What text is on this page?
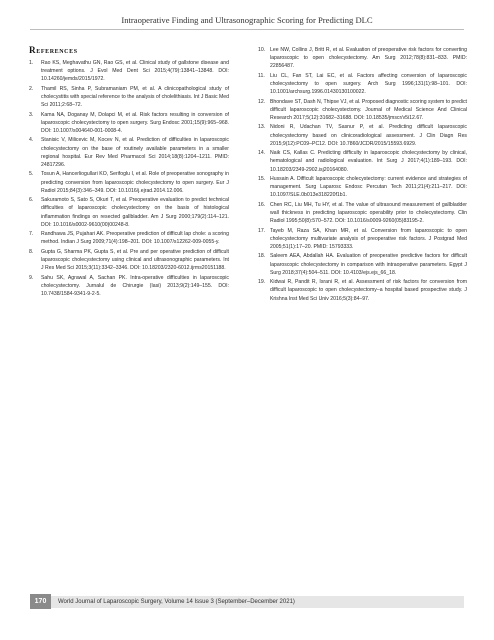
Intraoperative Finding and Ultrasonographic Scoring for Predicting DLC
References
1. Rao KS, Meghavathu GN, Rao GS, et al. Clinical study of gallstone disease and treatment options. J Evol Med Dent Sci 2015;4(79):13841–13848. DOI: 10.14260/jemds/2015/1972.
2. Thamil RS, Sinha P, Subramaniam PM, et al. A clinicopathological study of cholecystitis with special reference to the analysis of cholelithiasis. Int J Basic Med Sci 2011;2:68–72.
3. Kama NA, Doganay M, Dolapci M, et al. Risk factors resulting in conversion of laparoscopic cholecystectomy to open surgery. Surg Endosc 2001;15(9):965–968. DOI: 10.1007/s004640-001-0008-4.
4. Stanisic V, Milicevic M, Kocev N, et al. Prediction of difficulties in laparoscopic cholecystectomy on the base of routinely available parameters in a smaller regional hospital. Eur Rev Med Pharmacol Sci 2014;18(8):1204–1211. PMID: 24817296.
5. Tosun A, Hancerliogullari KO, Serifoglu I, et al. Role of preoperative sonography in predicting conversion from laparoscopic cholecystectomy to open surgery. Eur J Radiol 2015;84(3):346–349. DOI: 10.1016/j.ejrad.2014.12.006.
6. Sakuramoto S, Sato S, Okuri T, et al. Preoperative evaluation to predict technical difficulties of laparoscopic cholecystectomy on the basis of histological inflammation findings on resected gallbladder. Am J Surg 2000;179(2):114–121. DOI: 10.1016/s0002-9610(00)00248-8.
7. Randhawa JS, Pujahari AK. Preoperative prediction of difficult lap chole: a scoring method. Indian J Surg 2009;71(4):198–201. DOI: 10.1007/s12262-009-0055-y.
8. Gupta G, Sharma PK, Gupta S, et al. Pre and per operative prediction of difficult laparoscopic cholecystectomy using clinical and ultrasonographic parameters. Int J Res Med Sci 2015;3(11):3342–3346. DOI: 10.18203/2320-6012.ijrms20151188.
9. Sahu SK, Agrawal A, Sachan PK. Intra-operative difficulties in laparoscopic cholecystectomy. Jurnalul de Chirurgie (Iasi) 2013;9(2):149–155. DOI: 10.7438/1584-9341-9-2-5.
10. Lee NW, Collins J, Britt R, et al. Evaluation of preoperative risk factors for converting laparoscopic to open cholecystectomy. Am Surg 2012;78(8):831–833. PMID: 22856487.
11. Liu CL, Fan ST, Lai EC, et al. Factors affecting conversion of laparoscopic cholecystectomy to open surgery. Arch Surg 1996;131(1):98–101. DOI: 10.1001/archsurg.1996.01430130100022.
12. Bhondave ST, Dash N, Thipse VJ, et al. Proposed diagnostic scoring system to predict difficult laparoscopic cholecystectomy. Journal of Medical Science And Clinical Research 2017;5(12):31682–31688. DOI: 10.18535/jmscr/v5i12.67.
13. Nidoni R, Udachan TV, Sasnur P, et al. Predicting difficult laparoscopic cholecystectomy based on clinicoradiological assessment. J Clin Diagn Res 2015;9(12):PC09–PC12. DOI: 10.7860/JCDR/2015/15593.6929.
14. Naik CS, Kallas C. Predicting difficulty in laparoscopic cholecystectomy by clinical, hematological and radiological evaluation. Int Surg J 2017;4(1):189–193. DOI: 10.18203/2349-2902.isj20164080.
15. Hussain A. Difficult laparoscopic cholecystectomy: current evidence and strategies of management. Surg Laparosc Endosc Percutan Tech 2011;21(4):211–217. DOI: 10.1097/SLE.0b013e318220f1b1.
16. Chen RC, Liu MH, Tu HY, et al. The value of ultrasound measurement of gallbladder wall thickness in predicting laparoscopic operability prior to cholecystectomy. Clin Radiol 1995;50(8):570–572. DOI: 10.1016/s0009-9260(05)83195-2.
17. Tayeb M, Raza SA, Khan MR, et al. Conversion from laparoscopic to open cholecystectomy multivariate analysis of preoperative risk factors. J Postgrad Med 2005;51(1):17–20. PMID: 15793333.
18. Saleem AEA, Abdallah HA. Evaluation of preoperative predictive factors for difficult laparoscopic cholecystectomy in comparison with intraoperative parameters. Egypt J Surg 2018;37(4):504–511. DOI: 10.4103/ejs.ejs_66_18.
19. Kidwai R, Pandit R, Israni R, et al. Assessment of risk factors for conversion from difficult laparoscopic to open cholecystectomy–a hospital based prospective study. J Krishna Inst Med Sci Univ 2016;5(3):84–97.
170	World Journal of Laparoscopic Surgery, Volume 14 Issue 3 (September–December 2021)
